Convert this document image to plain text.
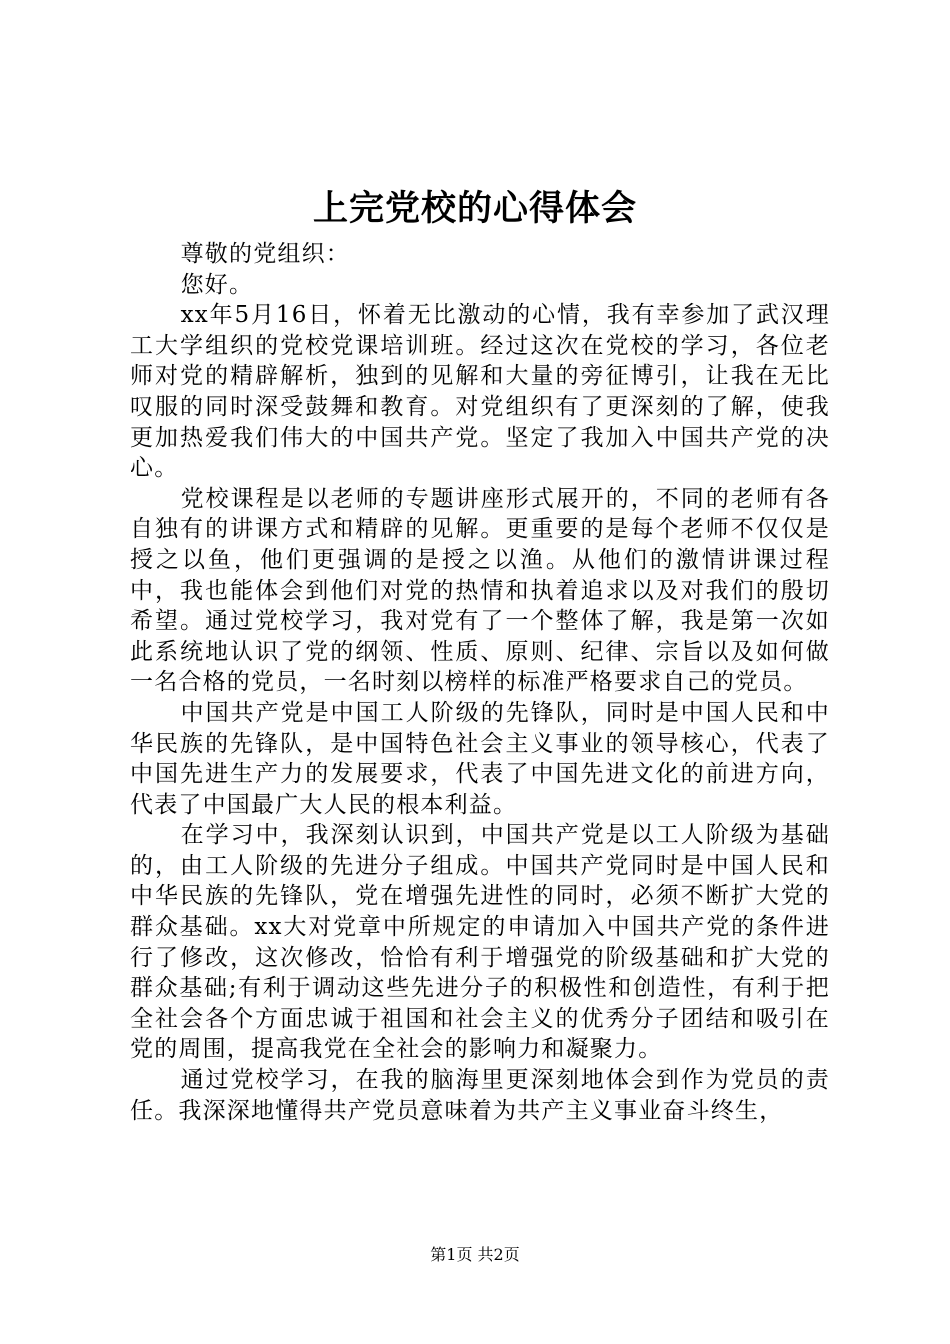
上完党校的心得体会

尊敬的党组织：

您好。

xx年5月16日，怀着无比激动的心情，我有幸参加了武汉理工大学组织的党校党课培训班。经过这次在党校的学习，各位老师对党的精辟解析，独到的见解和大量的旁征博引，让我在无比叹服的同时深受鼓舞和教育。对党组织有了更深刻的了解，使我更加热爱我们伟大的中国共产党。坚定了我加入中国共产党的决心。

党校课程是以老师的专题讲座形式展开的，不同的老师有各自独有的讲课方式和精辟的见解。更重要的是每个老师不仅仅是授之以鱼，他们更强调的是授之以渔。从他们的激情讲课过程中，我也能体会到他们对党的热情和执着追求以及对我们的殷切希望。通过党校学习，我对党有了一个整体了解，我是第一次如此系统地认识了党的纲领、性质、原则、纪律、宗旨以及如何做一名合格的党员，一名时刻以榜样的标准严格要求自己的党员。

中国共产党是中国工人阶级的先锋队，同时是中国人民和中华民族的先锋队，是中国特色社会主义事业的领导核心，代表了中国先进生产力的发展要求，代表了中国先进文化的前进方向，代表了中国最广大人民的根本利益。

在学习中，我深刻认识到，中国共产党是以工人阶级为基础的，由工人阶级的先进分子组成。中国共产党同时是中国人民和中华民族的先锋队，党在增强先进性的同时，必须不断扩大党的群众基础。xx大对党章中所规定的申请加入中国共产党的条件进行了修改，这次修改，恰恰有利于增强党的阶级基础和扩大党的群众基础;有利于调动这些先进分子的积极性和创造性，有利于把全社会各个方面忠诚于祖国和社会主义的优秀分子团结和吸引在党的周围，提高我党在全社会的影响力和凝聚力。

通过党校学习，在我的脑海里更深刻地体会到作为党员的责任。我深深地懂得共产党员意味着为共产主义事业奋斗终生，

第1页 共2页
